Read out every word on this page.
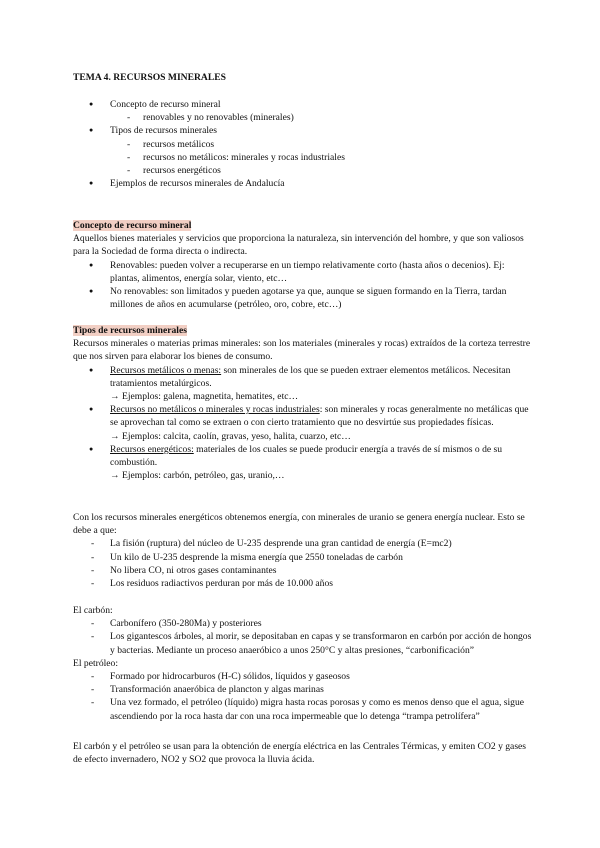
TEMA 4. RECURSOS MINERALES
● Concepto de recurso mineral
- renovables y no renovables (minerales)
● Tipos de recursos minerales
- recursos metálicos
- recursos no metálicos: minerales y rocas industriales
- recursos energéticos
● Ejemplos de recursos minerales de Andalucía

Concepto de recurso mineral

Aquellos bienes materiales y servicios que proporciona la naturaleza, sin intervención del hombre, y que son valiosos para la Sociedad de forma directa o indirecta.

● Renovables: pueden volver a recuperarse en un tiempo relativamente corto (hasta años o decenios). Ej: plantas, alimentos, energía solar, viento, etc…
● No renovables: son limitados y pueden agotarse ya que, aunque se siguen formando en la Tierra, tardan millones de años en acumularse (petróleo, oro, cobre, etc…)

Tipos de recursos minerales

Recursos minerales o materias primas minerales: son los materiales (minerales y rocas) extraídos de la corteza terrestre que nos sirven para elaborar los bienes de consumo.

● Recursos metálicos o menas: son minerales de los que se pueden extraer elementos metálicos. Necesitan tratamientos metalúrgicos.
→ Ejemplos: galena, magnetita, hematites, etc…
● Recursos no metálicos o minerales y rocas industriales: son minerales y rocas generalmente no metálicas que se aprovechan tal como se extraen o con cierto tratamiento que no desvirtúe sus propiedades físicas.
→ Ejemplos: calcita, caolín, gravas, yeso, halita, cuarzo, etc…
● Recursos energéticos: materiales de los cuales se puede producir energía a través de sí mismos o de su combustión.
→ Ejemplos: carbón, petróleo, gas, uranio,…

Con los recursos minerales energéticos obtenemos energía, con minerales de uranio se genera energía nuclear. Esto se debe a que:

- La fisión (ruptura) del núcleo de U-235 desprende una gran cantidad de energía (E=mc2)
- Un kilo de U-235 desprende la misma energía que 2550 toneladas de carbón
- No libera CO, ni otros gases contaminantes
- Los residuos radiactivos perduran por más de 10.000 años

El carbón:

- Carbonífero (350-280Ma) y posteriores
- Los gigantescos árboles, al morir, se depositaban en capas y se transformaron en carbón por acción de hongos y bacterias. Mediante un proceso anaeróbico a unos 250°C y altas presiones, “carbonificación”

El petróleo:

- Formado por hidrocarburos (H-C) sólidos, líquidos y gaseosos
- Transformación anaeróbica de plancton y algas marinas
- Una vez formado, el petróleo (líquido) migra hasta rocas porosas y como es menos denso que el agua, sigue ascendiendo por la roca hasta dar con una roca impermeable que lo detenga “trampa petrolífera”

El carbón y el petróleo se usan para la obtención de energía eléctrica en las Centrales Térmicas, y emiten CO2 y gases de efecto invernadero, NO2 y SO2 que provoca la lluvia ácida.
